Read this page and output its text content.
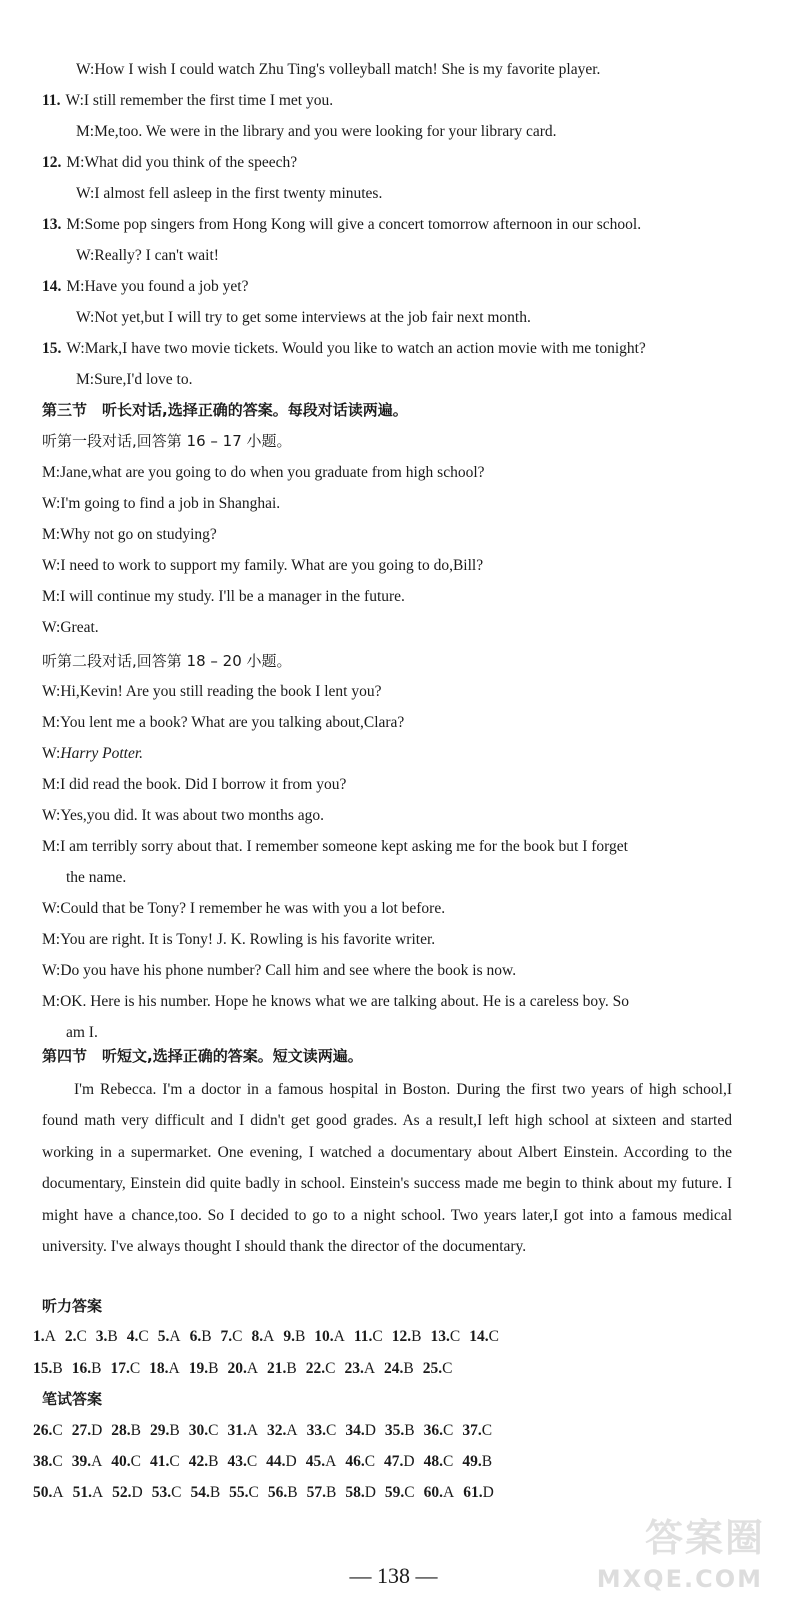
W:How I wish I could watch Zhu Ting's volleyball match! She is my favorite player.
11. W:I still remember the first time I met you.
M:Me,too. We were in the library and you were looking for your library card.
12. M:What did you think of the speech?
W:I almost fell asleep in the first twenty minutes.
13. M:Some pop singers from Hong Kong will give a concert tomorrow afternoon in our school.
W:Really? I can't wait!
14. M:Have you found a job yet?
W:Not yet,but I will try to get some interviews at the job fair next month.
15. W:Mark,I have two movie tickets. Would you like to watch an action movie with me tonight?
M:Sure,I'd love to.
第三节　听长对话,选择正确的答案。每段对话读两遍。
听第一段对话,回答第 16 – 17 小题。
M:Jane,what are you going to do when you graduate from high school?
W:I'm going to find a job in Shanghai.
M:Why not go on studying?
W:I need to work to support my family. What are you going to do,Bill?
M:I will continue my study. I'll be a manager in the future.
W:Great.
听第二段对话,回答第 18 – 20 小题。
W:Hi,Kevin! Are you still reading the book I lent you?
M:You lent me a book? What are you talking about,Clara?
W:Harry Potter.
M:I did read the book. Did I borrow it from you?
W:Yes,you did. It was about two months ago.
M:I am terribly sorry about that. I remember someone kept asking me for the book but I forget
the name.
W:Could that be Tony? I remember he was with you a lot before.
M:You are right. It is Tony! J. K. Rowling is his favorite writer.
W:Do you have his phone number? Call him and see where the book is now.
M:OK. Here is his number. Hope he knows what we are talking about. He is a careless boy. So
am I.
第四节　听短文,选择正确的答案。短文读两遍。
I'm Rebecca. I'm a doctor in a famous hospital in Boston. During the first two years of high school,I found math very difficult and I didn't get good grades. As a result,I left high school at sixteen and started working in a supermarket. One evening, I watched a documentary about Albert Einstein. According to the documentary, Einstein did quite badly in school. Einstein's success made me begin to think about my future. I might have a chance,too. So I decided to go to a night school. Two years later,I got into a famous medical university. I've always thought I should thank the director of the documentary.
听力答案
1.A 2.C 3.B 4.C 5.A 6.B 7.C 8.A 9.B 10.A 11.C 12.B 13.C 14.C
15.B 16.B 17.C 18.A 19.B 20.A 21.B 22.C 23.A 24.B 25.C
笔试答案
26.C 27.D 28.B 29.B 30.C 31.A 32.A 33.C 34.D 35.B 36.C 37.C
38.C 39.A 40.C 41.C 42.B 43.C 44.D 45.A 46.C 47.D 48.C 49.B
50.A 51.A 52.D 53.C 54.B 55.C 56.B 57.B 58.D 59.C 60.A 61.D
— 138 —
答案圈
MXQE.COM
